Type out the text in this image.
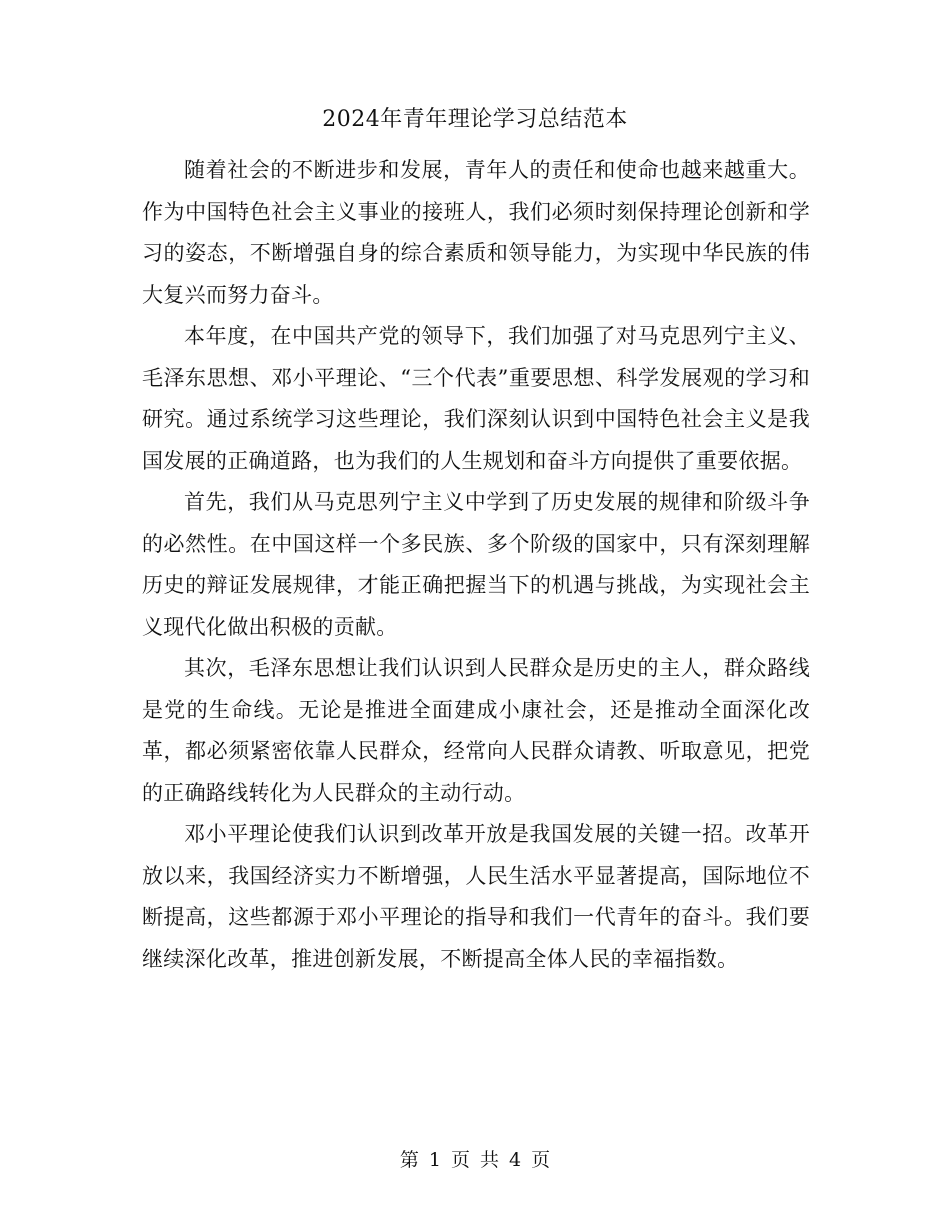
2024年青年理论学习总结范本

随着社会的不断进步和发展，青年人的责任和使命也越来越重大。作为中国特色社会主义事业的接班人，我们必须时刻保持理论创新和学习的姿态，不断增强自身的综合素质和领导能力，为实现中华民族的伟大复兴而努力奋斗。

本年度，在中国共产党的领导下，我们加强了对马克思列宁主义、毛泽东思想、邓小平理论、“三个代表”重要思想、科学发展观的学习和研究。通过系统学习这些理论，我们深刻认识到中国特色社会主义是我国发展的正确道路，也为我们的人生规划和奋斗方向提供了重要依据。

首先，我们从马克思列宁主义中学到了历史发展的规律和阶级斗争的必然性。在中国这样一个多民族、多个阶级的国家中，只有深刻理解历史的辩证发展规律，才能正确把握当下的机遇与挑战，为实现社会主义现代化做出积极的贡献。

其次，毛泽东思想让我们认识到人民群众是历史的主人，群众路线是党的生命线。无论是推进全面建成小康社会，还是推动全面深化改革，都必须紧密依靠人民群众，经常向人民群众请教、听取意见，把党的正确路线转化为人民群众的主动行动。

邓小平理论使我们认识到改革开放是我国发展的关键一招。改革开放以来，我国经济实力不断增强，人民生活水平显著提高，国际地位不断提高，这些都源于邓小平理论的指导和我们一代青年的奋斗。我们要继续深化改革，推进创新发展，不断提高全体人民的幸福指数。

第 1 页 共 4 页
